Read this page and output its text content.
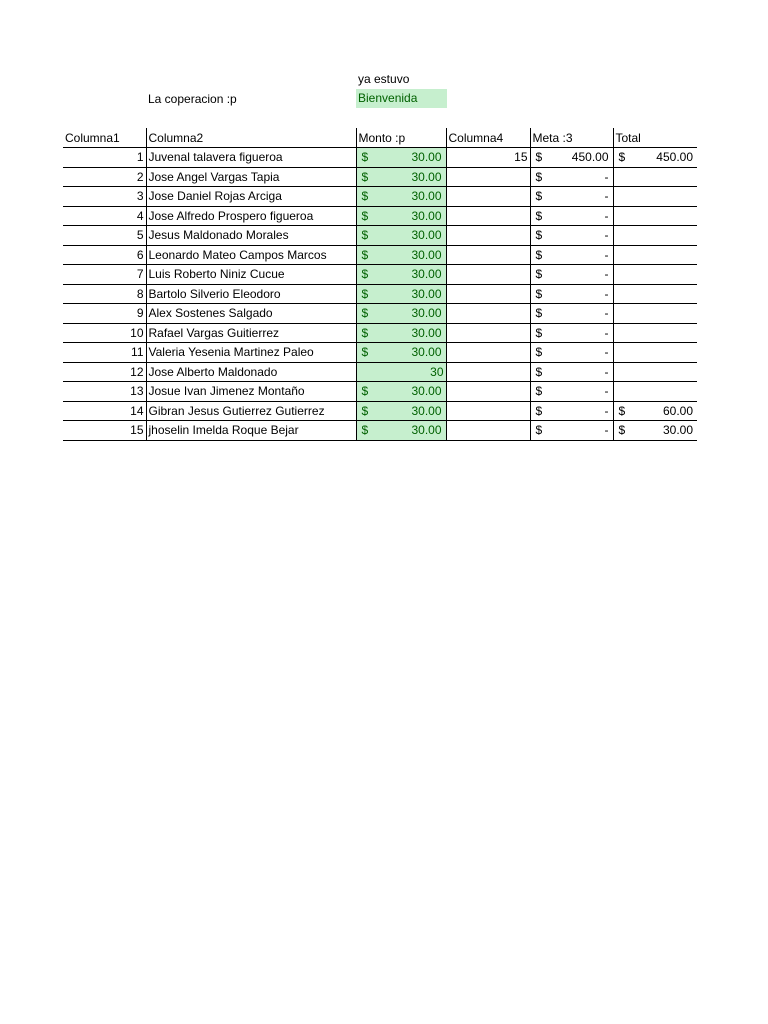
ya estuvo
La coperacion :p	Bienvenida
Columna1	Columna2	Monto :p	Columna4	Meta :3	Total
1	Juvenal talavera figueroa	$ 30.00	15	$ 450.00	$ 450.00

2	Jose Angel Vargas Tapia	$ 30.00		$ -	

3	Jose Daniel Rojas Arciga	$ 30.00		$ -	

4	Jose Alfredo Prospero figueroa	$ 30.00		$ -	

5	Jesus Maldonado Morales	$ 30.00		$ -	

6	Leonardo Mateo Campos Marcos	$ 30.00		$ -	

7	Luis Roberto Niniz Cucue	$ 30.00		$ -	

8	Bartolo Silverio Eleodoro	$ 30.00		$ -	

9	Alex Sostenes Salgado	$ 30.00		$ -	

10	Rafael Vargas Guitierrez	$ 30.00		$ -	

11	Valeria Yesenia Martinez Paleo	$ 30.00		$ -	

12	Jose Alberto Maldonado	30		$ -	

13	Josue Ivan Jimenez Montaño	$ 30.00		$ -	

14	Gibran Jesus Gutierrez Gutierrez	$ 30.00		$ -	$ 60.00

15	jhoselin Imelda Roque Bejar	$ 30.00		$ -	$ 30.00
